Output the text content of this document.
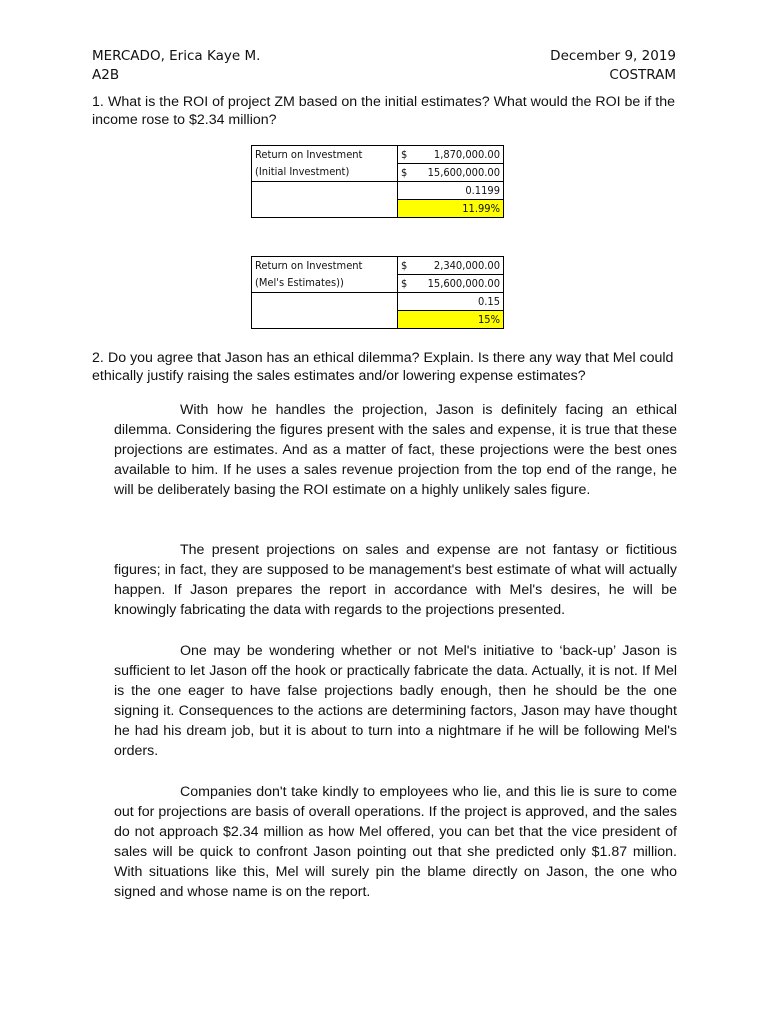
MERCADO, Erica Kaye M.
A2B
December 9, 2019
COSTRAM
1. What is the ROI of project ZM based on the initial estimates? What would the ROI be if the income rose to $2.34 million?
Return on Investment	$ 1,870,000.00

(Initial Investment)	$ 15,600,000.00

	0.1199
	11.99%
Return on Investment	$ 2,340,000.00

(Mel's Estimates))	$ 15,600,000.00

	0.15
	15%
2. Do you agree that Jason has an ethical dilemma? Explain. Is there any way that Mel could ethically justify raising the sales estimates and/or lowering expense estimates?
With how he handles the projection, Jason is definitely facing an ethical dilemma. Considering the figures present with the sales and expense, it is true that these projections are estimates. And as a matter of fact, these projections were the best ones available to him. If he uses a sales revenue projection from the top end of the range, he will be deliberately basing the ROI estimate on a highly unlikely sales figure.
The present projections on sales and expense are not fantasy or fictitious figures; in fact, they are supposed to be management's best estimate of what will actually happen. If Jason prepares the report in accordance with Mel's desires, he will be knowingly fabricating the data with regards to the projections presented.
One may be wondering whether or not Mel's initiative to ‘back-up’ Jason is sufficient to let Jason off the hook or practically fabricate the data. Actually, it is not. If Mel is the one eager to have false projections badly enough, then he should be the one signing it. Consequences to the actions are determining factors, Jason may have thought he had his dream job, but it is about to turn into a nightmare if he will be following Mel's orders.
Companies don't take kindly to employees who lie, and this lie is sure to come out for projections are basis of overall operations. If the project is approved, and the sales do not approach $2.34 million as how Mel offered, you can bet that the vice president of sales will be quick to confront Jason pointing out that she predicted only $1.87 million. With situations like this, Mel will surely pin the blame directly on Jason, the one who signed and whose name is on the report.
